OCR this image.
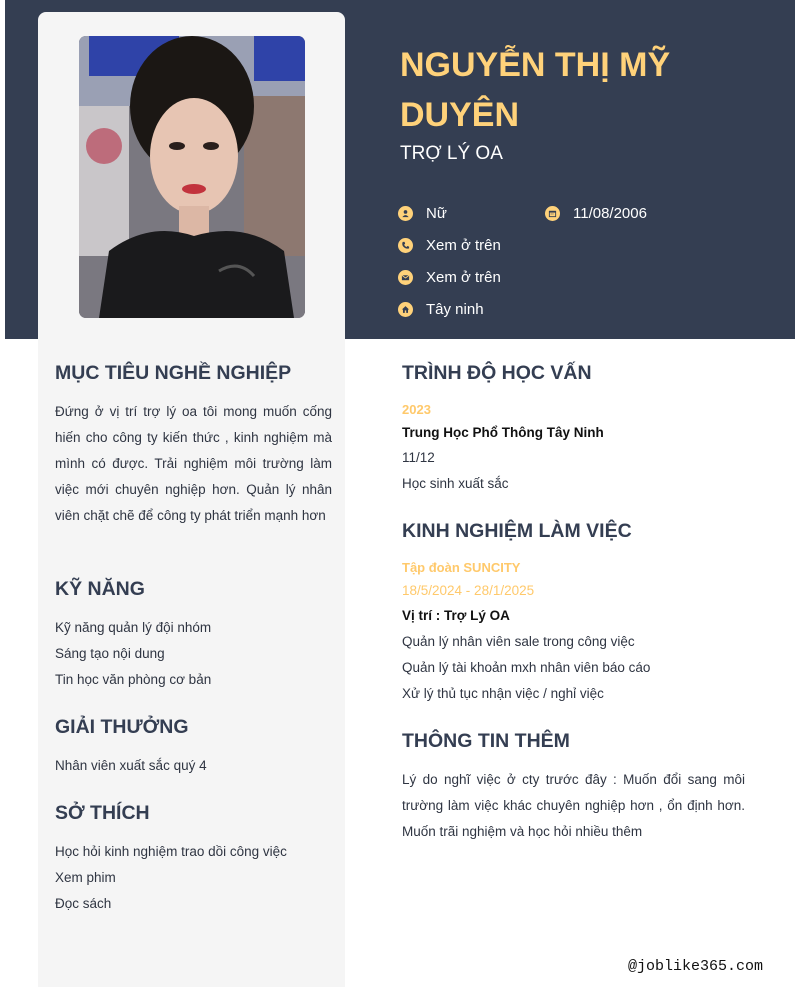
NGUYỄN THỊ MỸ DUYÊN
TRỢ LÝ OA
Nữ	11/08/2006
Xem ở trên
Xem ở trên
Tây ninh
MỤC TIÊU NGHỀ NGHIỆP
Đứng ở vị trí trợ lý oa tôi mong muốn cống hiến cho công ty kiến thức , kinh nghiệm mà mình có được. Trải nghiệm môi trường làm việc mới chuyên nghiệp hơn. Quản lý nhân viên chặt chẽ để công ty phát triển mạnh hơn
KỸ NĂNG
Kỹ năng quản lý đội nhóm
Sáng tạo nội dung
Tin học văn phòng cơ bản
GIẢI THƯỞNG
Nhân viên xuất sắc quý 4
SỞ THÍCH
Học hỏi kinh nghiệm trao dồi công việc
Xem phim
Đọc sách
TRÌNH ĐỘ HỌC VẤN
2023
Trung Học Phổ Thông Tây Ninh
11/12
Học sinh xuất sắc
KINH NGHIỆM LÀM VIỆC
Tập đoàn SUNCITY
18/5/2024 - 28/1/2025
Vị trí : Trợ Lý OA
Quản lý nhân viên sale trong công việc
Quản lý tài khoản mxh nhân viên báo cáo
Xử lý thủ tục nhận việc / nghỉ việc
THÔNG TIN THÊM
Lý do nghĩ việc ở cty trước đây : Muốn đổi sang môi trường làm việc khác chuyên nghiệp hơn , ổn định hơn. Muốn trãi nghiệm và học hỏi nhiều thêm
@joblike365.com
